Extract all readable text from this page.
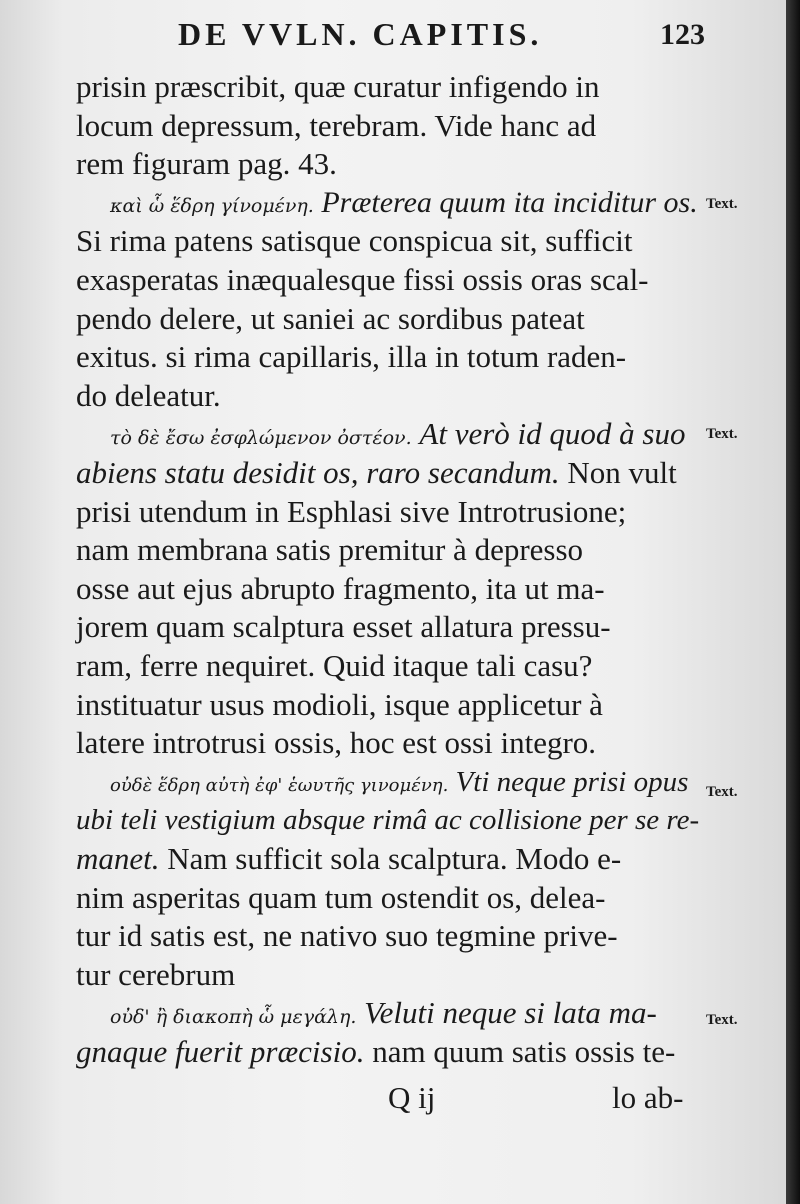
DE VVLN. CAPITIS.	123
prisin præscribit, quæ curatur infigendo in
locum depressum, terebram. Vide hanc ad
rem figuram pag. 43.
καὶ ὧ ἕδρη γίνομένη. Præterea quum ita inciditur os.
Si rima patens satisque conspicua sit, sufficit
exasperatas inæqualesque fissi ossis oras scal-
pendo delere, ut saniei ac sordibus pateat
exitus. si rima capillaris, illa in totum raden-
do deleatur.
τὸ δὲ ἔσω ἐσφλώμενον ὀστέον. At verò id quod à suo
abiens statu desidit os, raro secandum. Non vult
prisi utendum in Esphlasi sive Introtrusione;
nam membrana satis premitur à depresso
osse aut ejus abrupto fragmento, ita ut ma-
jorem quam scalptura esset allatura pressu-
ram, ferre nequiret. Quid itaque tali casu?
instituatur usus modioli, isque applicetur à
latere introtrusi ossis, hoc est ossi integro.
οὐδὲ ἕδρη αὐτὴ ἐφ' ἑωυτῆς γινομένη. Vti neque prisi opus
ubi teli vestigium absque rimâ ac collisione per se re-
manet. Nam sufficit sola scalptura. Modo e-
nim asperitas quam tum ostendit os, delea-
tur id satis est, ne nativo suo tegmine prive-
tur cerebrum
οὐδ' ἢ διακοπὴ ὧ μεγάλη. Veluti neque si lata ma-
gnaque fuerit præcisio. nam quum satis ossis te-
Text.
Text.
Text.
Text.
Q ij	lo ab-
